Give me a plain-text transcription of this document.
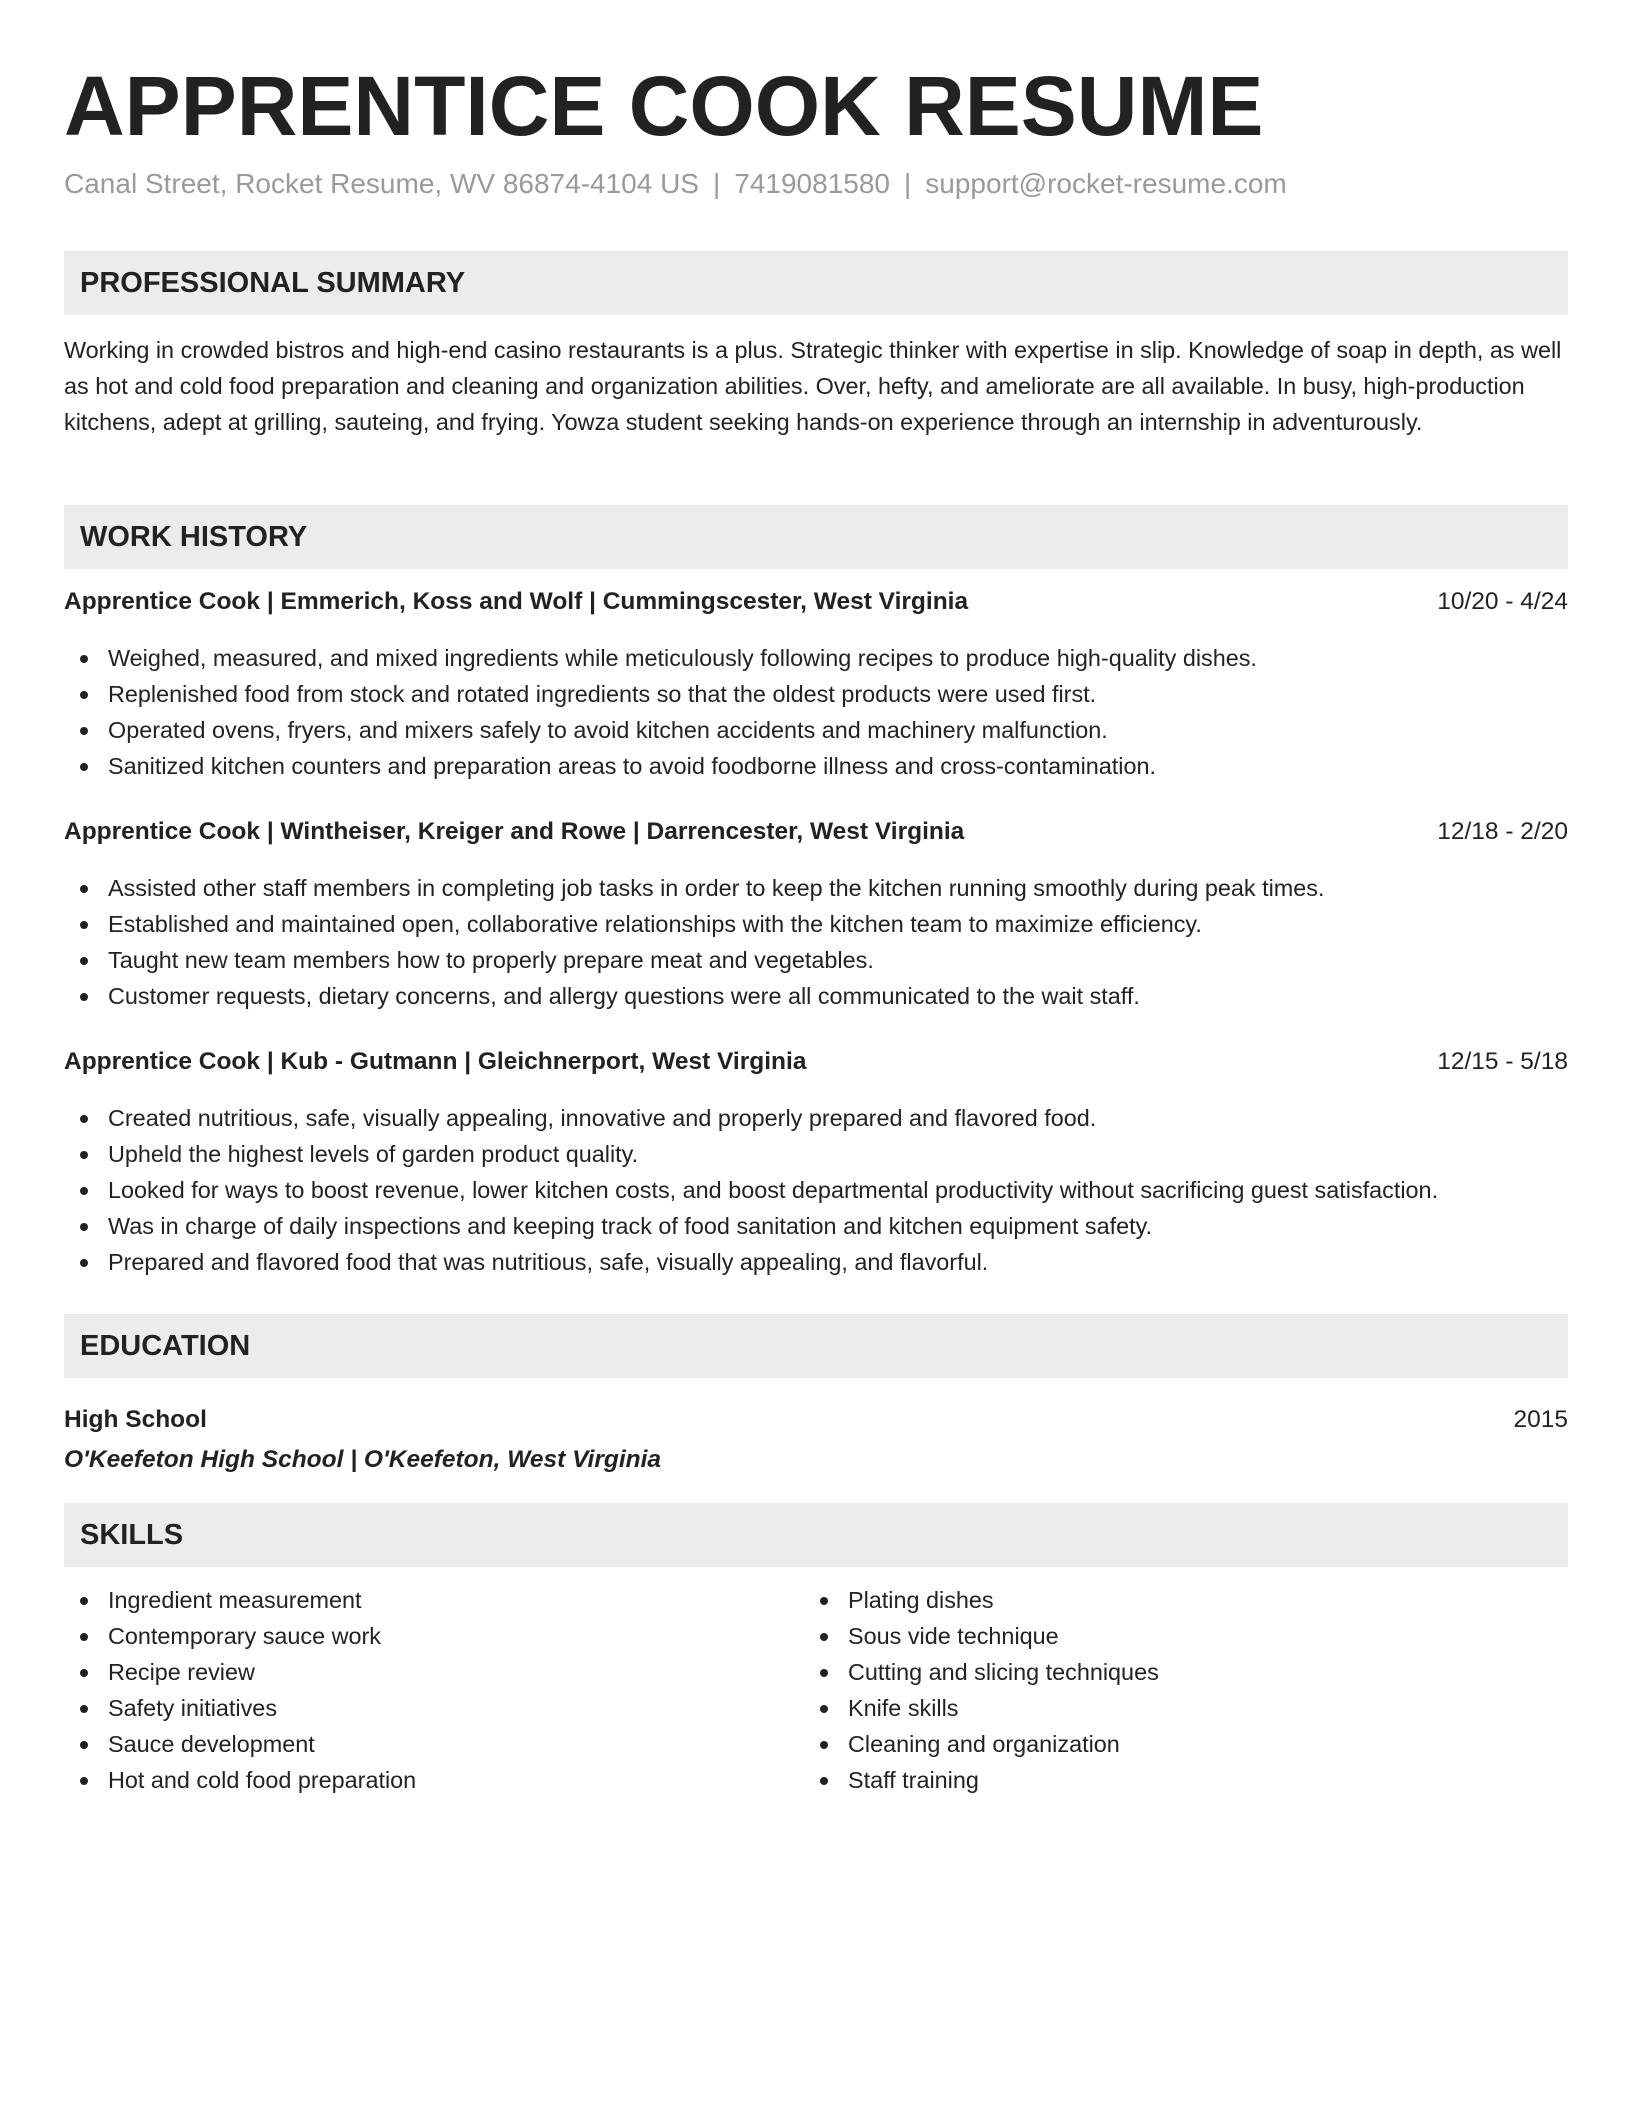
APPRENTICE COOK RESUME
Canal Street, Rocket Resume, WV 86874-4104 US | 7419081580 | support@rocket-resume.com
PROFESSIONAL SUMMARY

Working in crowded bistros and high-end casino restaurants is a plus. Strategic thinker with expertise in slip. Knowledge of soap in depth, as well as hot and cold food preparation and cleaning and organization abilities. Over, hefty, and ameliorate are all available. In busy, high-production kitchens, adept at grilling, sauteing, and frying. Yowza student seeking hands-on experience through an internship in adventurously.

WORK HISTORY
Apprentice Cook | Emmerich, Koss and Wolf | Cummingscester, West Virginia	10/20 - 4/24
Weighed, measured, and mixed ingredients while meticulously following recipes to produce high-quality dishes.
Replenished food from stock and rotated ingredients so that the oldest products were used first.
Operated ovens, fryers, and mixers safely to avoid kitchen accidents and machinery malfunction.
Sanitized kitchen counters and preparation areas to avoid foodborne illness and cross-contamination.
Apprentice Cook | Wintheiser, Kreiger and Rowe | Darrencester, West Virginia	12/18 - 2/20
Assisted other staff members in completing job tasks in order to keep the kitchen running smoothly during peak times.
Established and maintained open, collaborative relationships with the kitchen team to maximize efficiency.
Taught new team members how to properly prepare meat and vegetables.
Customer requests, dietary concerns, and allergy questions were all communicated to the wait staff.
Apprentice Cook | Kub - Gutmann | Gleichnerport, West Virginia	12/15 - 5/18
Created nutritious, safe, visually appealing, innovative and properly prepared and flavored food.
Upheld the highest levels of garden product quality.
Looked for ways to boost revenue, lower kitchen costs, and boost departmental productivity without sacrificing guest satisfaction.
Was in charge of daily inspections and keeping track of food sanitation and kitchen equipment safety.
Prepared and flavored food that was nutritious, safe, visually appealing, and flavorful.
EDUCATION
High School	2015
O'Keefeton High School | O'Keefeton, West Virginia
SKILLS
Ingredient measurement
Contemporary sauce work
Recipe review
Safety initiatives
Sauce development
Hot and cold food preparation
Plating dishes
Sous vide technique
Cutting and slicing techniques
Knife skills
Cleaning and organization
Staff training
